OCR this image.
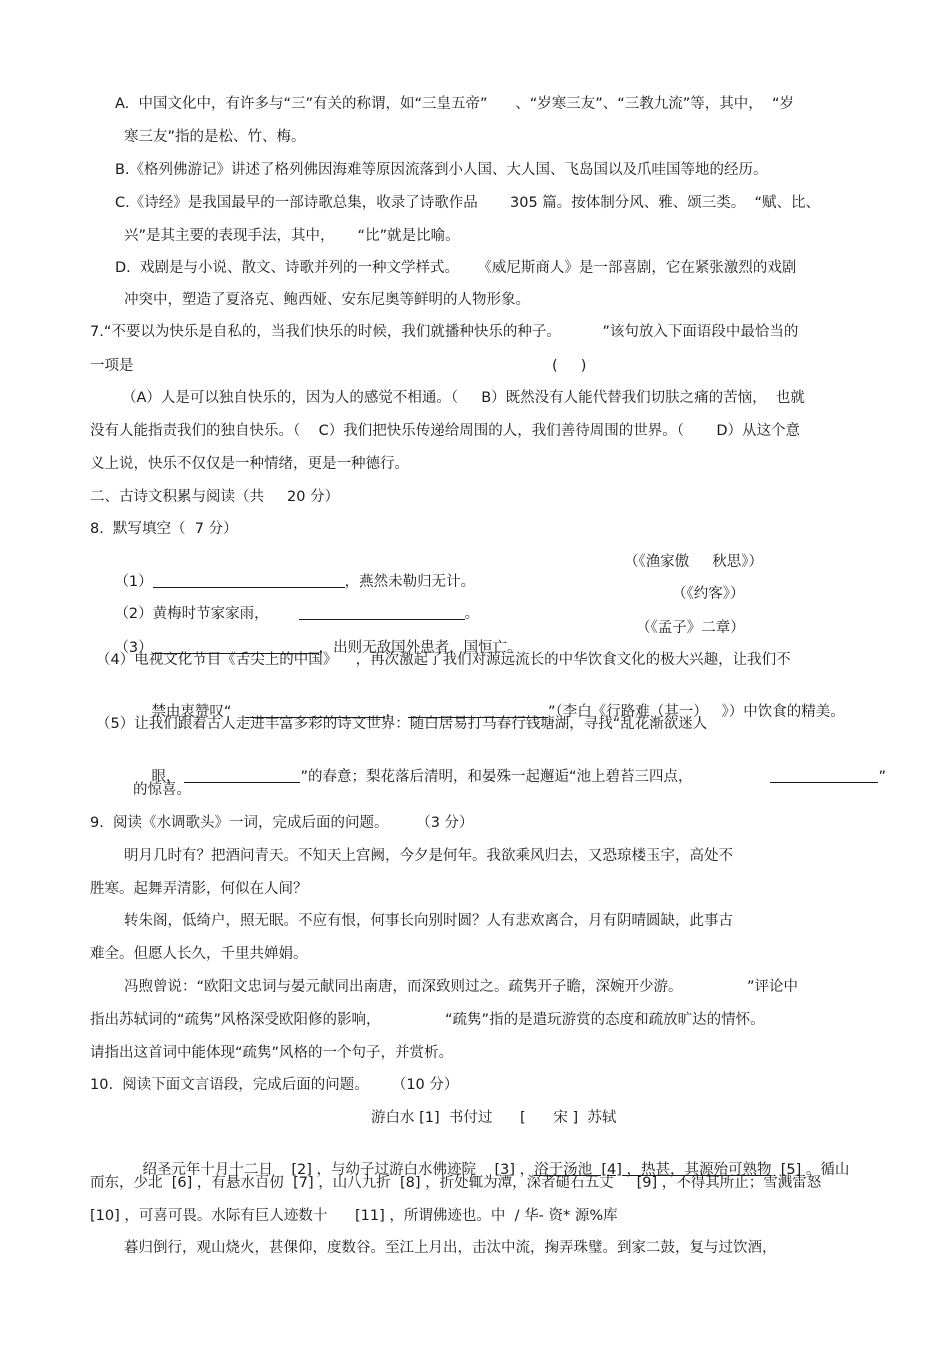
A.  中国文化中，有许多与“三”有关的称谓，如“三皇五帝”      、“岁寒三友”、“三教九流”等，其中，  “岁
寒三友”指的是松、竹、梅。
B.《格列佛游记》讲述了格列佛因海难等原因流落到小人国、大人国、飞岛国以及爪哇国等地的经历。
C.《诗经》是我国最早的一部诗歌总集，收录了诗歌作品       305 篇。按体制分风、雅、颂三类。  “赋、比、
兴”是其主要的表现手法，其中，     “比”就是比喻。
D.  戏剧是与小说、散文、诗歌并列的一种文学样式。    《威尼斯商人》是一部喜剧，它在紧张激烈的戏剧
冲突中，塑造了夏洛克、鲍西娅、安东尼奥等鲜明的人物形象。
7.“不要以为快乐是自私的，当我们快乐的时候，我们就播种快乐的种子。         ”该句放入下面语段中最恰当的
一项是	(     )
（A）人是可以独自快乐的，因为人的感觉不相通。（     B）既然没有人能代替我们切肤之痛的苦恼，  也就
没有人能指责我们的独自快乐。（    C）我们把快乐传递给周围的人，我们善待周围的世界。（       D）从这个意
义上说，快乐不仅仅是一种情绪，更是一种德行。
二、古诗文积累与阅读（共     20 分）
8.  默写填空（  7 分）

（1）	，燕然未勒归无计。

（《渔家傲     秋思》）

（2）黄梅时节家家雨，	。

（《约客》）

（3）	，出则无敌国外患者，国恒亡。

（《孟子》二章）
（4）电视文化节目《舌尖上的中国》    ，再次激起了我们对源远流长的中华饮食文化的极大兴趣，让我们不

禁由衷赞叹“	，	”（李白《行路难（其一）   》）中饮食的精美。

（5）让我们跟着古人走进丰富多彩的诗文世界：随白居易打马春行钱塘湖，寻找“乱花渐欲迷人

眼，	”的春意；梨花落后清明，和晏殊一起邂逅“池上碧苔三四点，
	”

的惊喜。
9.  阅读《水调歌头》一词，完成后面的问题。      （3 分）
明月几时有？把酒问青天。不知天上宫阙，今夕是何年。我欲乘风归去，又恐琼楼玉宇，高处不
胜寒。起舞弄清影，何似在人间？
转朱阁，低绮户，照无眠。不应有恨，何事长向别时圆？人有悲欢离合，月有阴晴圆缺，此事古
难全。但愿人长久，千里共婵娟。
冯煦曾说：“欧阳文忠词与晏元献同出南唐，而深致则过之。疏隽开子瞻，深婉开少游。              ”评论中
指出苏轼词的“疏隽”风格深受欧阳修的影响，              “疏隽”指的是遣玩游赏的态度和疏放旷达的情怀。
请指出这首词中能体现“疏隽”风格的一个句子，并赏析。
10.  阅读下面文言语段，完成后面的问题。     （10 分）
游白水 [1]  书付过      [      宋 ]  苏轼

绍圣元年十月十二日    [2] ，与幼子过游白水佛迹院    [3] ，浴于汤池  [4] ，热甚，其源殆可熟物  [5] 。循山

而东，少北  [6] ，有悬水百仞  [7] ，山八九折  [8] ，折处辄为潭，深者磓石五丈     [9] ，不得其所止；雪溅雷怒
[10] ，可喜可畏。水际有巨人迹数十      [11] ，所谓佛迹也。中  / 华- 资* 源%库
暮归倒行，观山烧火，甚倮仰，度数谷。至江上月出，击汰中流，掬弄珠璧。到家二鼓，复与过饮酒，
